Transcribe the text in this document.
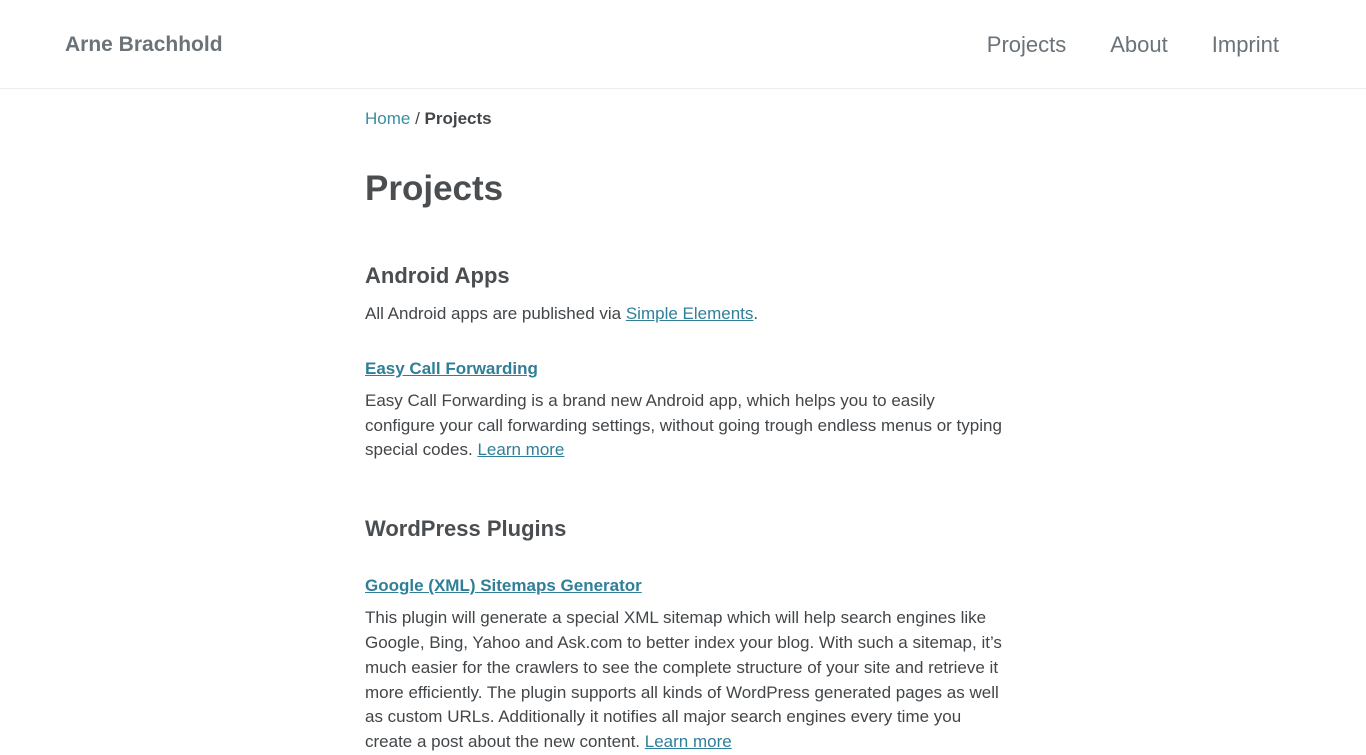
Arne Brachhold	Projects About Imprint
Home / Projects
Projects
Android Apps

All Android apps are published via Simple Elements.

Easy Call Forwarding

Easy Call Forwarding is a brand new Android app, which helps you to easily configure your call forwarding settings, without going trough endless menus or typing special codes. Learn more

WordPress Plugins
Google (XML) Sitemaps Generator

This plugin will generate a special XML sitemap which will help search engines like Google, Bing, Yahoo and Ask.com to better index your blog. With such a sitemap, it’s much easier for the crawlers to see the complete structure of your site and retrieve it more efficiently. The plugin supports all kinds of WordPress generated pages as well as custom URLs. Additionally it notifies all major search engines every time you create a post about the new content. Learn more
